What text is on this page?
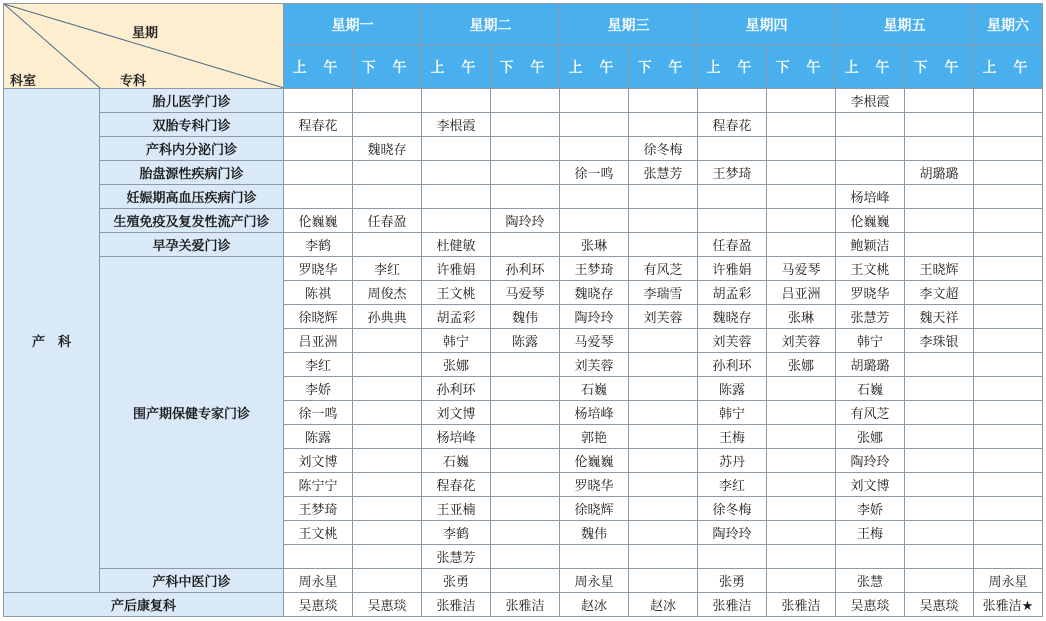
星期
科室 专科		星期一		星期二		星期三		星期四		星期五		星期六
		上 午	下 午	上 午	下 午	上 午	下 午	上 午	下 午	上 午	下 午	上 午
产　科	胎儿医学门诊									李根霞		
	双胎专科门诊	程春花		李根霞				程春花				
	产科内分泌门诊		魏晓存				徐冬梅					
	胎盘源性疾病门诊					徐一鸣	张慧芳	王梦琦			胡璐璐	
	妊娠期高血压疾病门诊									杨培峰		
	生殖免疫及复发性流产门诊	伦巍巍	任春盈		陶玲玲					伦巍巍		
	早孕关爱门诊	李鹤		杜健敏		张琳		任春盈		鲍颖洁		
	围产期保健专家门诊	罗晓华	李红	许雅娟	孙利环	王梦琦	有风芝	许雅娟	马爱琴	王文桃	王晓辉	
		陈祺	周俊杰	王文桃	马爱琴	魏晓存	李瑞雪	胡孟彩	吕亚洲	罗晓华	李文超	
		徐晓辉	孙典典	胡孟彩	魏伟	陶玲玲	刘芙蓉	魏晓存	张琳	张慧芳	魏天祥	
		吕亚洲		韩宁	陈露	马爱琴		刘芙蓉	刘芙蓉	韩宁	李珠银	
		李红		张娜		刘芙蓉		孙利环	张娜	胡璐璐		
		李娇		孙利环		石巍		陈露		石巍		
		徐一鸣		刘文博		杨培峰		韩宁		有风芝		
		陈露		杨培峰		郭艳		王梅		张娜		
		刘文博		石巍		伦巍巍		苏丹		陶玲玲		
		陈宁宁		程春花		罗晓华		李红		刘文博		
		王梦琦		王亚楠		徐晓辉		徐冬梅		李娇		
		王文桃		李鹤		魏伟		陶玲玲		王梅		
				张慧芳								
	产科中医门诊	周永星		张勇		周永星		张勇		张慧		周永星
产后康复科		吴惠琰	吴惠琰	张雅洁	张雅洁	赵冰	赵冰	张雅洁	张雅洁	吴惠琰	吴惠琰	张雅洁★
